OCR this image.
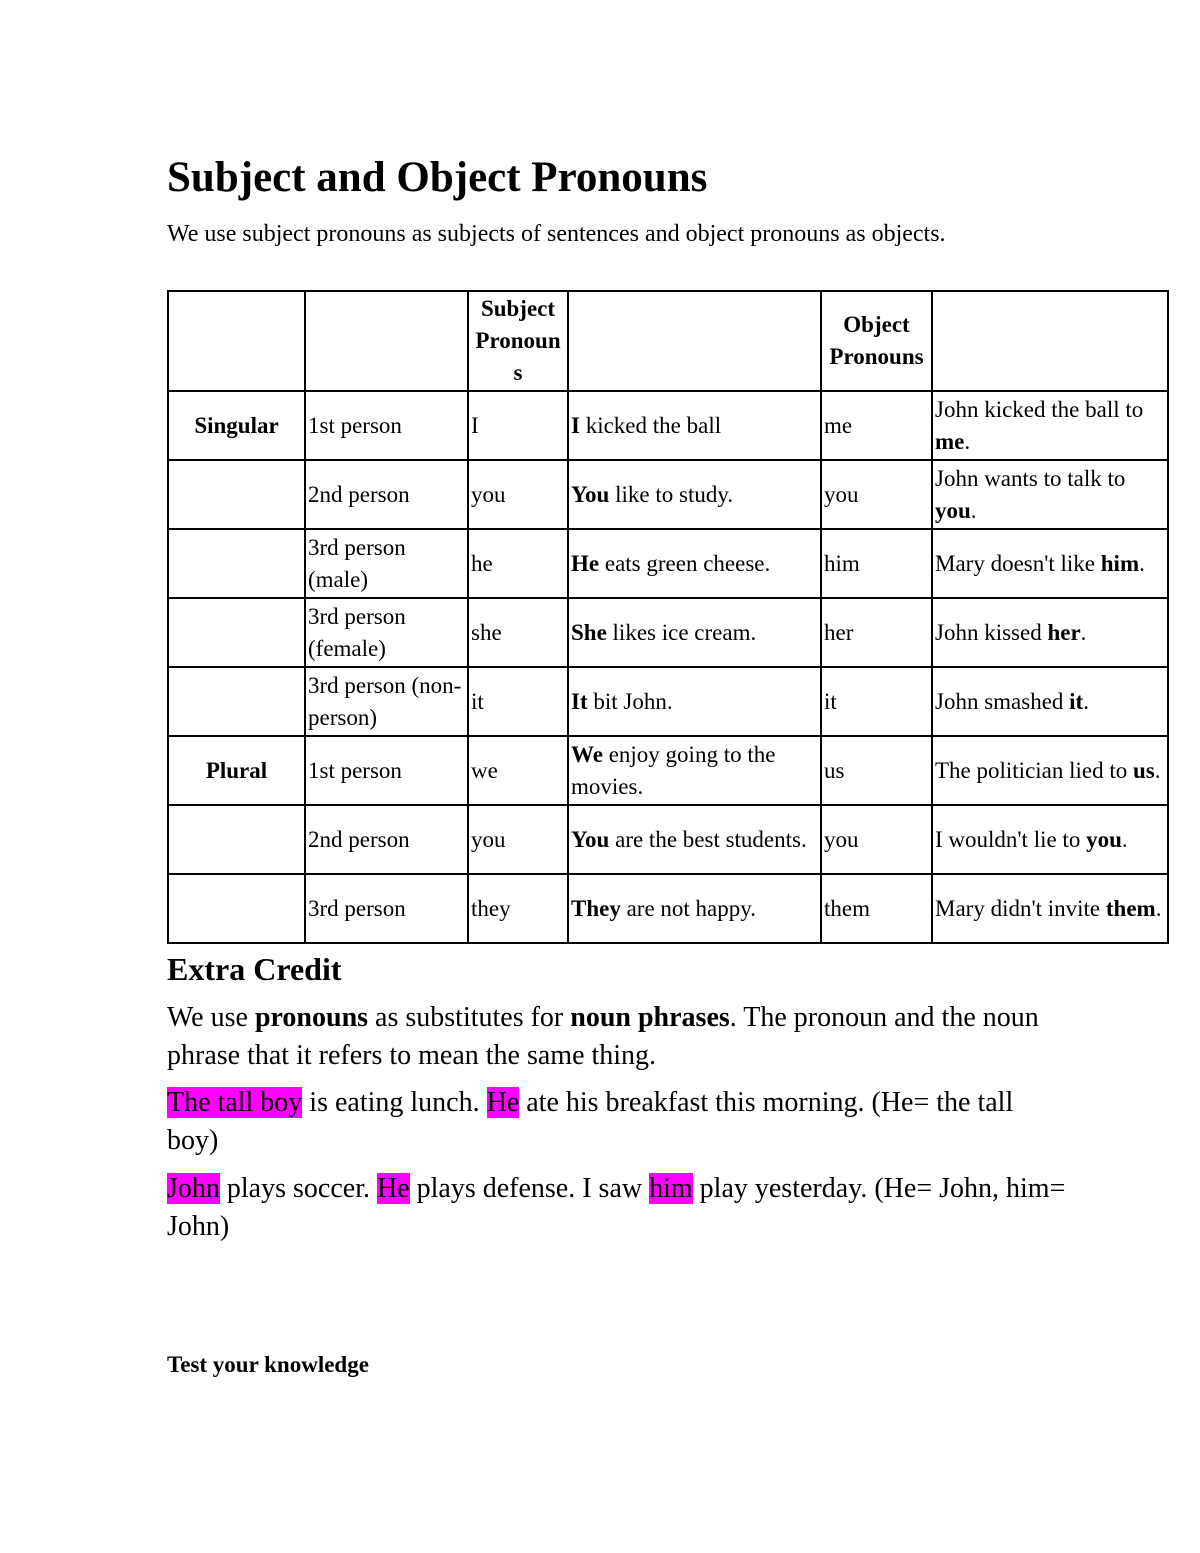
Subject and Object Pronouns

We use subject pronouns as subjects of sentences and object pronouns as objects.

		Subject Pronouns		Object Pronouns	
Singular	1st person	I	I kicked the ball	me	John kicked the ball to me.
	2nd person	you	You like to study.	you	John wants to talk to you.
	3rd person (male)	he	He eats green cheese.	him	Mary doesn't like him.
	3rd person (female)	she	She likes ice cream.	her	John kissed her.
	3rd person (non-person)	it	It bit John.	it	John smashed it.
Plural	1st person	we	We enjoy going to the movies.	us	The politician lied to us.
	2nd person	you	You are the best students.	you	I wouldn't lie to you.
	3rd person	they	They are not happy.	them	Mary didn't invite them.
Extra Credit

We use pronouns as substitutes for noun phrases. The pronoun and the noun phrase that it refers to mean the same thing.

The tall boy is eating lunch. He ate his breakfast this morning. (He= the tall boy)

John plays soccer. He plays defense. I saw him play yesterday. (He= John, him= John)

Test your knowledge
